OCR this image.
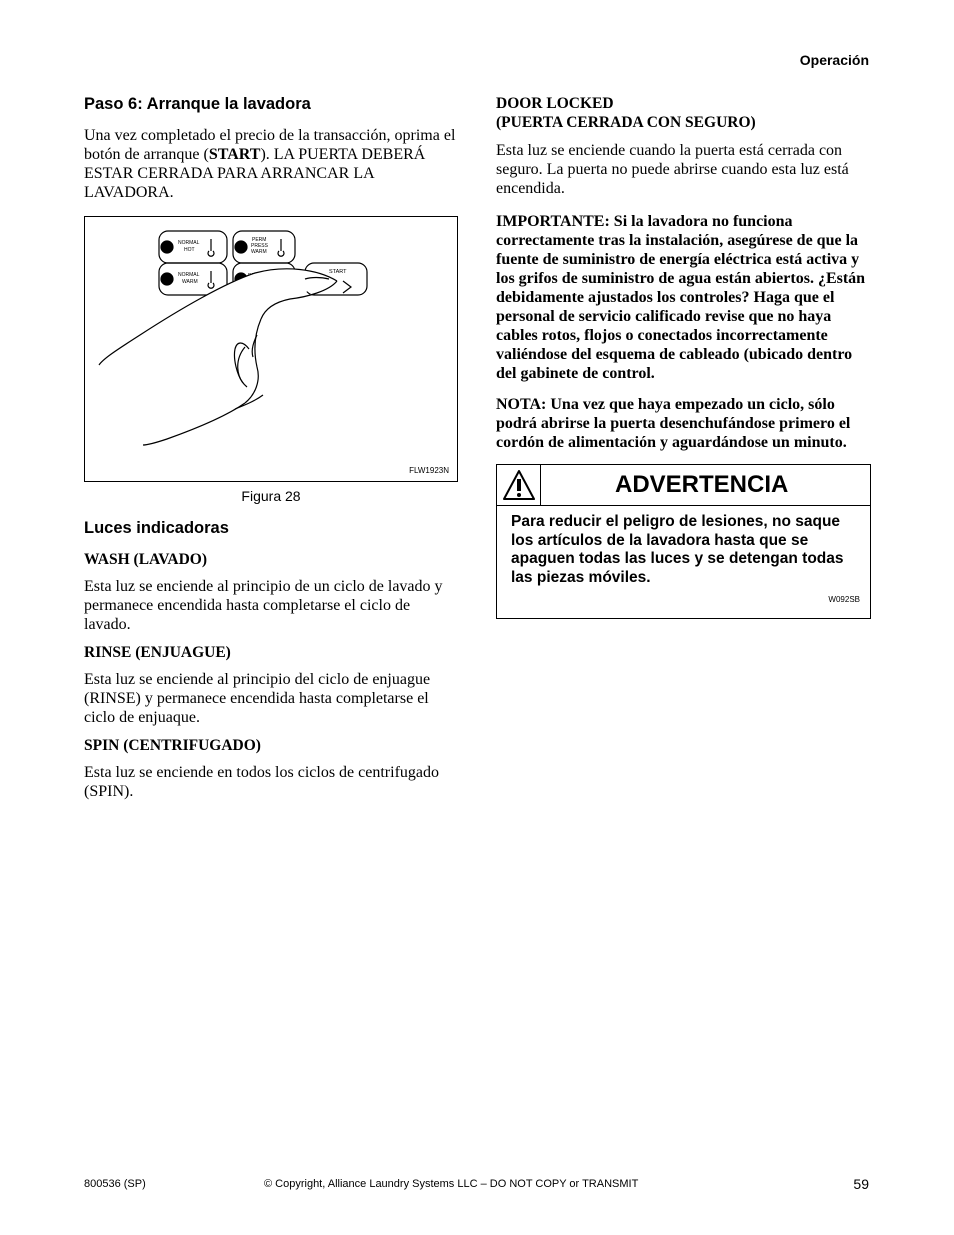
Operación
Paso 6: Arranque la lavadora

Una vez completado el precio de la transacción, oprima el botón de arranque (START). LA PUERTA DEBERÁ ESTAR CERRADA PARA ARRANCAR LA LAVADORA.

NORMAL
HOT
PERM
PRESS
WARM
NORMAL
WARM
START
FLW1923N
Figura 28
Luces indicadoras

WASH (LAVADO)

Esta luz se enciende al principio de un ciclo de lavado y permanece encendida hasta completarse el ciclo de lavado.

RINSE (ENJUAGUE)

Esta luz se enciende al principio del ciclo de enjuague (RINSE) y permanece encendida hasta completarse el ciclo de enjuaque.

SPIN (CENTRIFUGADO)

Esta luz se enciende en todos los ciclos de centrifugado (SPIN).

DOOR LOCKED
(PUERTA CERRADA CON SEGURO)

Esta luz se enciende cuando la puerta está cerrada con seguro. La puerta no puede abrirse cuando esta luz está encendida.

IMPORTANTE: Si la lavadora no funciona correctamente tras la instalación, asegúrese de que la fuente de suministro de energía eléctrica está activa y los grifos de suministro de agua están abiertos. ¿Están debidamente ajustados los controles? Haga que el personal de servicio calificado revise que no haya cables rotos, flojos o conectados incorrectamente valiéndose del esquema de cableado (ubicado dentro del gabinete de control.

NOTA: Una vez que haya empezado un ciclo, sólo podrá abrirse la puerta desenchufándose primero el cordón de alimentación y aguardándose un minuto.

ADVERTENCIA
Para reducir el peligro de lesiones, no saque los artículos de la lavadora hasta que se apaguen todas las luces y se detengan todas las piezas móviles.
W092SB
800536 (SP)	© Copyright, Alliance Laundry Systems LLC – DO NOT COPY or TRANSMIT	59
